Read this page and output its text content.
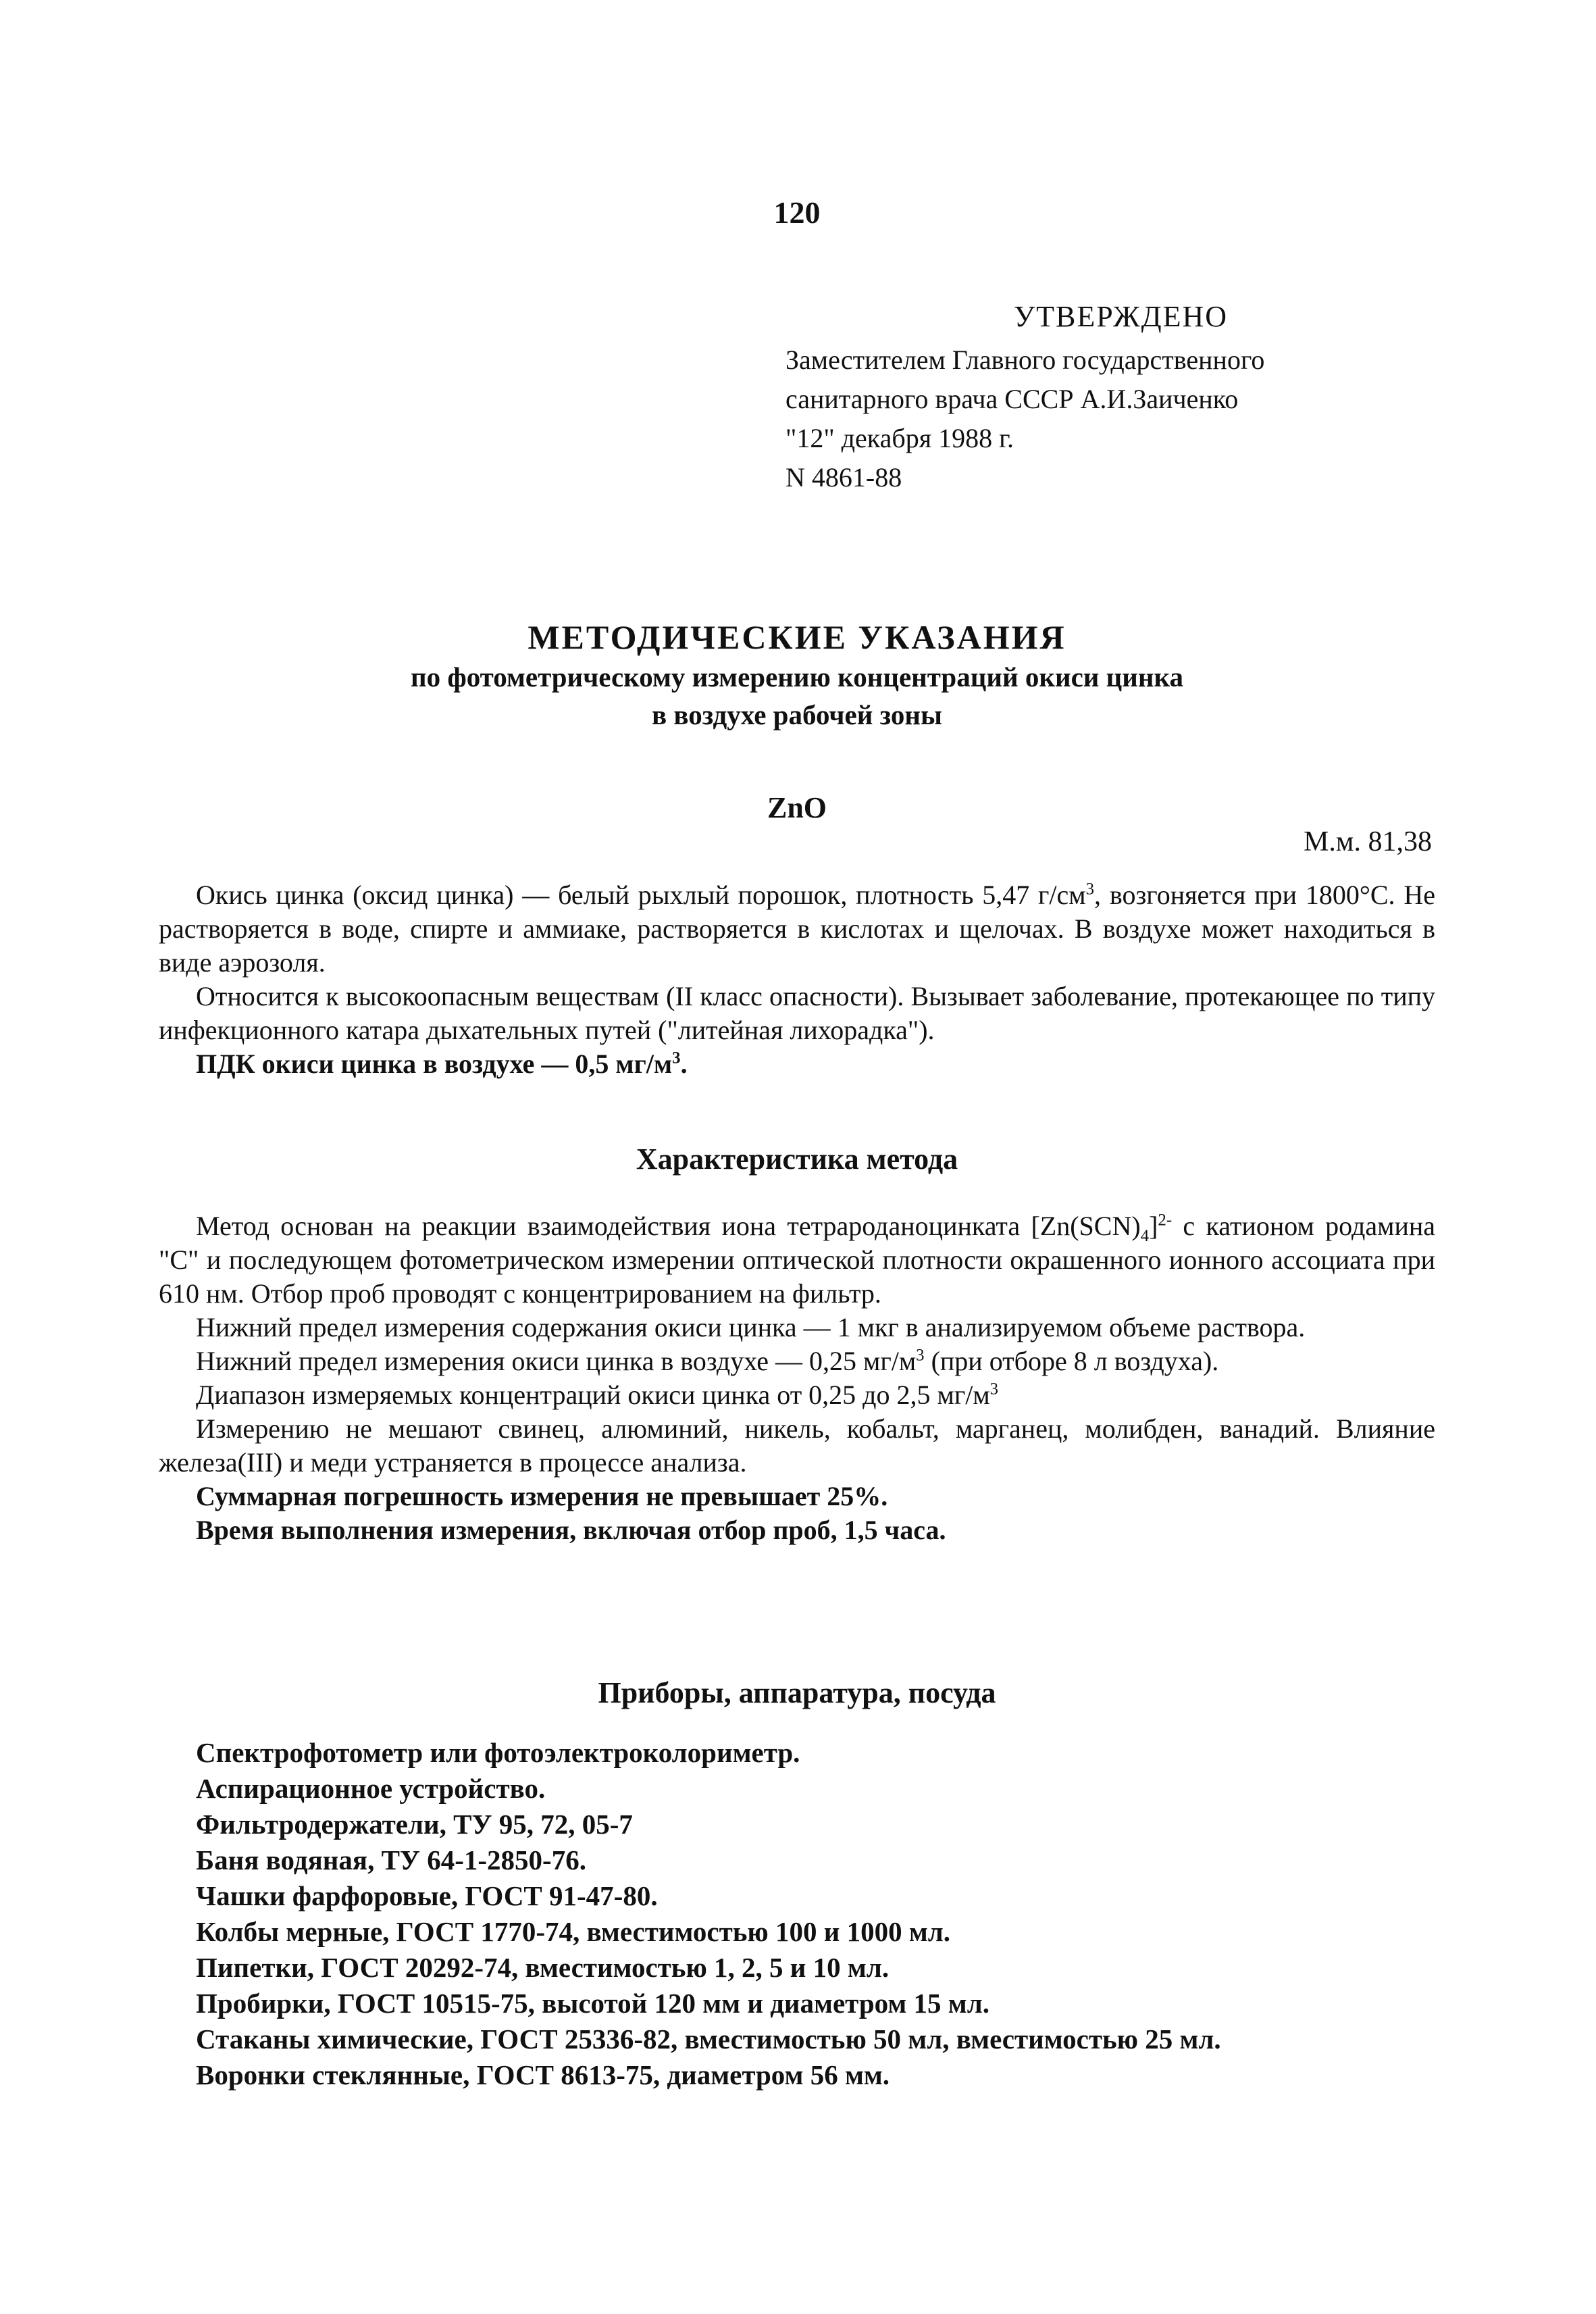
120
УТВЕРЖДЕНО
Заместителем Главного государственного
санитарного врача СССР А.И.Заиченко
"12" декабря 1988 г.
N 4861-88
МЕТОДИЧЕСКИЕ УКАЗАНИЯ
по фотометрическому измерению концентраций окиси цинка
в воздухе рабочей зоны
ZnO
М.м. 81,38

Окись цинка (оксид цинка) — белый рыхлый порошок, плотность 5,47 $г/см^3$, возгоняется при 1800°С. Не растворяется в воде, спирте и аммиаке, растворяется в кислотах и щелочах. В воздухе может находиться в виде аэрозоля.

Относится к высокоопасным веществам (II класс опасности). Вызывает заболевание, протекающее по типу инфекционного катара дыхательных путей ("литейная лихорадка").

ПДК окиси цинка в воздухе — 0,5 $мг/м^3$.

Характеристика метода

Метод основан на реакции взаимодействия иона тетрароданоцинката $[Zn(SCN)_4]^{2-}$ с катионом родамина "С" и последующем фотометрическом измерении оптической плотности окрашенного ионного ассоциата при 610 нм. Отбор проб проводят с концентрированием на фильтр.

Нижний предел измерения содержания окиси цинка — 1 мкг в анализируемом объеме раствора.

Нижний предел измерения окиси цинка в воздухе — 0,25 $мг/м^3$ (при отборе 8 л воздуха).

Диапазон измеряемых концентраций окиси цинка от 0,25 до 2,5 $мг/м^3$

Измерению не мешают свинец, алюминий, никель, кобальт, марганец, молибден, ванадий. Влияние железа(III) и меди устраняется в процессе анализа.

Суммарная погрешность измерения не превышает 25%.

Время выполнения измерения, включая отбор проб, 1,5 часа.

Приборы, аппаратура, посуда
Спектрофотометр или фотоэлектроколориметр.
Аспирационное устройство.
Фильтродержатели, ТУ 95, 72, 05-7
Баня водяная, ТУ 64-1-2850-76.
Чашки фарфоровые, ГОСТ 91-47-80.
Колбы мерные, ГОСТ 1770-74, вместимостью 100 и 1000 мл.
Пипетки, ГОСТ 20292-74, вместимостью 1, 2, 5 и 10 мл.
Пробирки, ГОСТ 10515-75, высотой 120 мм и диаметром 15 мл.
Стаканы химические, ГОСТ 25336-82, вместимостью 50 мл, вместимостью 25 мл.
Воронки стеклянные, ГОСТ 8613-75, диаметром 56 мм.
